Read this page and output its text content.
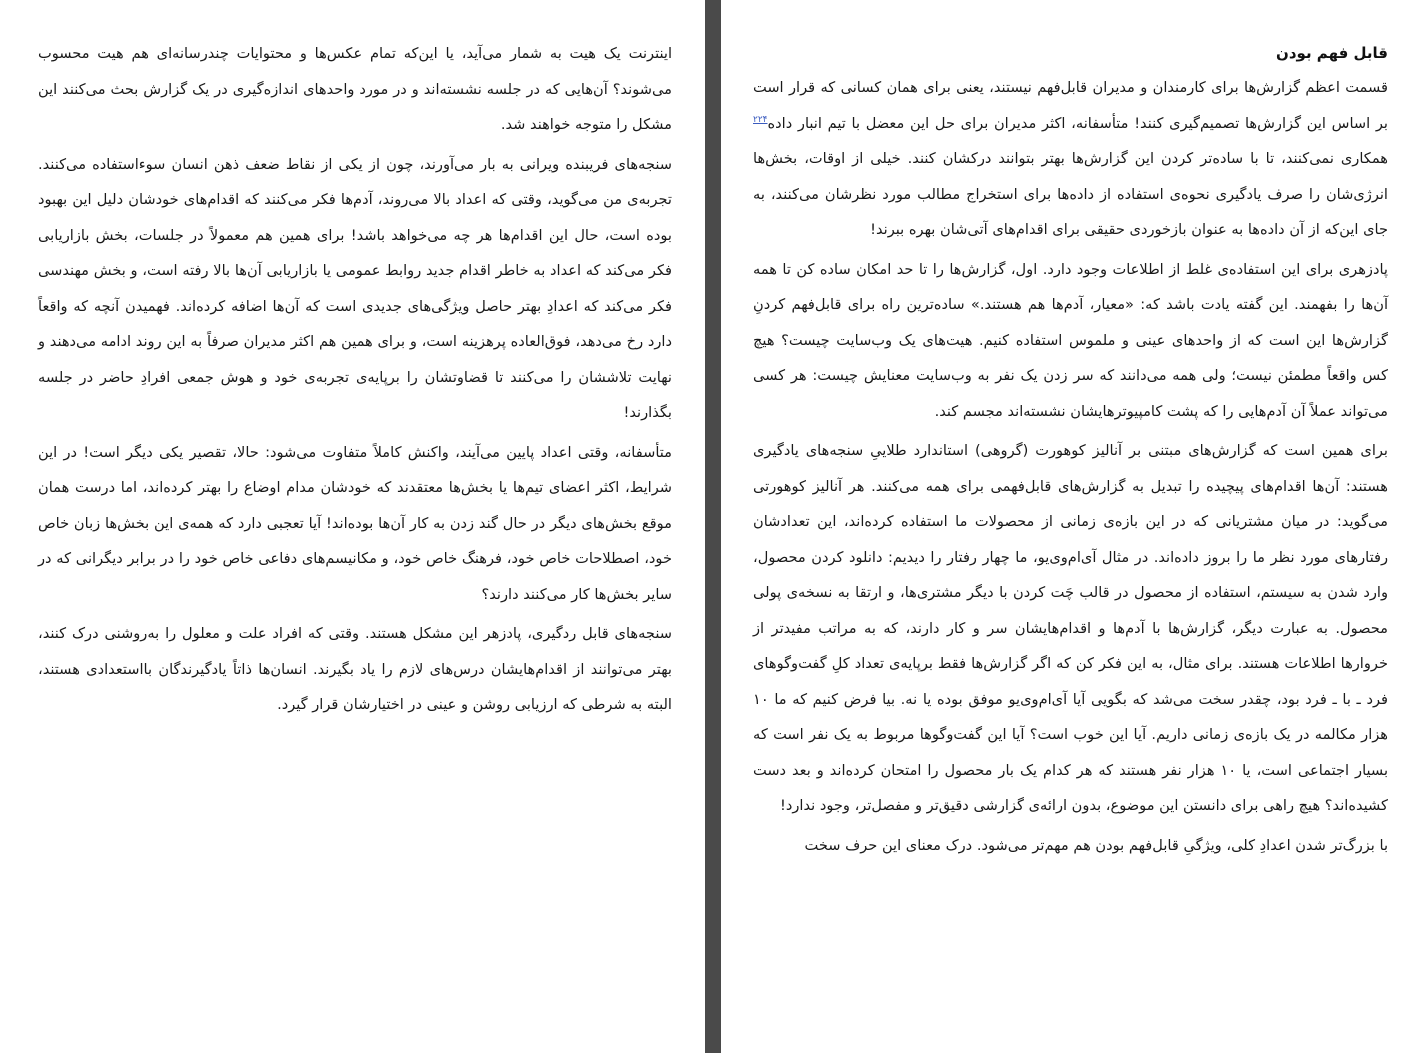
اینترنت یک هیت به شمار می‌آید، یا این‌که تمام عکس‌ها و محتوایات چندرسانه‌ای هم هیت محسوب می‌شوند؟ آن‌هایی که در جلسه نشسته‌اند و در مورد واحدهای اندازه‌گیری در یک گزارش بحث می‌کنند این مشکل را متوجه خواهند شد.

سنجه‌های فریبنده ویرانی به بار می‌آورند، چون از یکی از نقاط ضعف ذهن انسان سوءاستفاده می‌کنند. تجربه‌ی من می‌گوید، وقتی که اعداد بالا می‌روند، آدم‌ها فکر می‌کنند که اقدام‌های خودشان دلیل این بهبود بوده است، حال این اقدام‌ها هر چه می‌خواهد باشد! برای همین هم معمولاً در جلسات، بخش بازاریابی فکر می‌کند که اعداد به خاطر اقدام جدید روابط عمومی یا بازاریابی آن‌ها بالا رفته است، و بخش مهندسی فکر می‌کند که اعدادِ بهتر حاصل ویژگی‌های جدیدی است که آن‌ها اضافه کرده‌اند. فهمیدن آنچه که واقعاً دارد رخ می‌دهد، فوق‌العاده پرهزینه است، و برای همین هم اکثر مدیران صرفاً به این روند ادامه می‌دهند و نهایت تلاششان را می‌کنند تا قضاوتشان را برپایه‌ی تجربه‌ی خود و هوش جمعی افرادِ حاضر در جلسه بگذارند!

متأسفانه، وقتی اعداد پایین می‌آیند، واکنش کاملاً متفاوت می‌شود: حالا، تقصیر یکی دیگر است! در این شرایط، اکثر اعضای تیم‌ها یا بخش‌ها معتقدند که خودشان مدام اوضاع را بهتر کرده‌اند، اما درست همان موقع بخش‌های دیگر در حال گند زدن به کار آن‌ها بوده‌اند! آیا تعجبی دارد که همه‌ی این بخش‌ها زبان خاص خود، اصطلاحات خاص خود، فرهنگ خاص خود، و مکانیسم‌های دفاعی خاص خود را در برابر دیگرانی که در سایر بخش‌ها کار می‌کنند دارند؟

سنجه‌های قابل ردگیری، پادزهر این مشکل هستند. وقتی که افراد علت و معلول را به‌روشنی درک کنند، بهتر می‌توانند از اقدام‌هایشان درس‌های لازم را یاد بگیرند. انسان‌ها ذاتاً یادگیرندگان بااستعدادی هستند، البته به شرطی که ارزیابی روشن و عینی در اختیارشان قرار گیرد.

قابل فهم بودن

قسمت اعظم گزارش‌ها برای کارمندان و مدیران قابل‌فهم نیستند، یعنی برای همان کسانی که قرار است بر اساس این گزارش‌ها تصمیم‌گیری کنند! متأسفانه، اکثر مدیران برای حل این معضل با تیم انبار داده$^{۲۲۴}$ همکاری نمی‌کنند، تا با ساده‌تر کردن این گزارش‌ها بهتر بتوانند درکشان کنند. خیلی از اوقات، بخش‌ها انرژی‌شان را صرف یادگیری نحوه‌ی استفاده از داده‌ها برای استخراج مطالب مورد نظرشان می‌کنند، به جای این‌که از آن داده‌ها به عنوان بازخوردی حقیقی برای اقدام‌های آتی‌شان بهره ببرند!

پادزهری برای این استفاده‌ی غلط از اطلاعات وجود دارد. اول، گزارش‌ها را تا حد امکان ساده کن تا همه آن‌ها را بفهمند. این گفته یادت باشد که: «معیار، آدم‌ها هم هستند.» ساده‌ترین راه برای قابل‌فهم کردنِ گزارش‌ها این است که از واحدهای عینی و ملموس استفاده کنیم. هیت‌های یک وب‌سایت چیست؟ هیچ کس واقعاً مطمئن نیست؛ ولی همه می‌دانند که سر زدن یک نفر به وب‌سایت معنایش چیست: هر کسی می‌تواند عملاً آن آدم‌هایی را که پشت کامپیوترهایشان نشسته‌اند مجسم کند.

برای همین است که گزارش‌های مبتنی بر آنالیز کوهورت (گروهی) استاندارد طلاییِ سنجه‌های یادگیری هستند: آن‌ها اقدام‌های پیچیده را تبدیل به گزارش‌های قابل‌فهمی برای همه می‌کنند. هر آنالیز کوهورتی می‌گوید: در میان مشتریانی که در این بازه‌ی زمانی از محصولات ما استفاده کرده‌اند، این تعدادشان رفتارهای مورد نظر ما را بروز داده‌اند. در مثال آی‌ام‌وی‌یو، ما چهار رفتار را دیدیم: دانلود کردن محصول، وارد شدن به سیستم، استفاده از محصول در قالب چَت کردن با دیگر مشتری‌ها، و ارتقا به نسخه‌ی پولی محصول. به عبارت دیگر، گزارش‌ها با آدم‌ها و اقدام‌هایشان سر و کار دارند، که به مراتب مفیدتر از خروارها اطلاعات هستند. برای مثال، به این فکر کن که اگر گزارش‌ها فقط برپایه‌ی تعداد کلِ گفت‌وگوهای فرد ـ با ـ فرد بود، چقدر سخت می‌شد که بگویی آیا آی‌ام‌وی‌یو موفق بوده یا نه. بیا فرض کنیم که ما ۱۰ هزار مکالمه در یک بازه‌ی زمانی داریم. آیا این خوب است؟ آیا این گفت‌وگوها مربوط به یک نفر است که بسیار اجتماعی است، یا ۱۰ هزار نفر هستند که هر کدام یک بار محصول را امتحان کرده‌اند و بعد دست کشیده‌اند؟ هیچ راهی برای دانستن این موضوع، بدون ارائه‌ی گزارشی دقیق‌تر و مفصل‌تر، وجود ندارد!

با بزرگ‌تر شدن اعدادِ کلی، ویژگیِ قابل‌فهم بودن هم مهم‌تر می‌شود. درک معنای این حرف سخت
